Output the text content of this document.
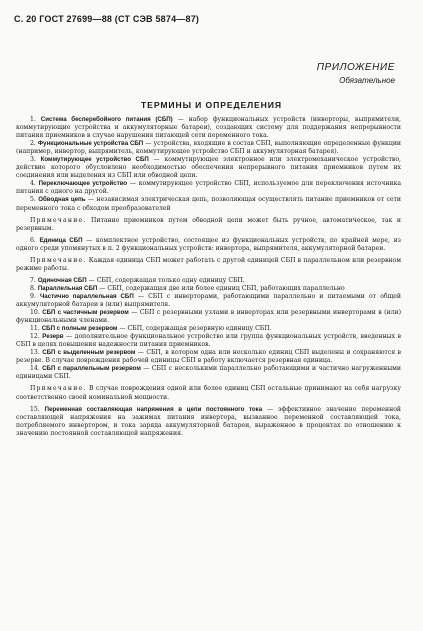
С. 20 ГОСТ 27699—88 (СТ СЭВ 5874—87)
ПРИЛОЖЕНИЕ
Обязательное
ТЕРМИНЫ И ОПРЕДЕЛЕНИЯ

1. Система бесперебойного питания (СБП) — набор функциональных устройств (инверторы, выпрямители, коммутирующие устройства и аккумуляторные батареи), создающих систему для поддержания непрерывности питания приемников в случае нарушения питающей сети переменного тока.

2. Функциональные устройства СБП — устройства, входящие в состав СБП, выполняющие определенные функции (например, инвертор, выпрямитель, коммутирующее устройство СБП и аккумуляторная батарея).

3. Коммутирующее устройство СБП — коммутирующее электронное или электромеханическое устройство, действие которого обусловлено необходимостью обеспечения непрерывного питания приемников путем их соединения или выделения из СБП или обводной цепи.

4. Переключающее устройство — коммутирующее устройство СБП, используемое для переключения источника питания с одного на другой.

5. Обводная цепь — независимая электрическая цепь, позволяющая осуществлять питание приемников от сети переменного тока с обходом преобразователей

Примечание. Питание приемников путем обводной цепи может быть ручное, автоматическое, так и резервным.

6. Единица СБП — комплектное устройство, состоящее из функциональных устройств, по крайней мере, из одного среди упомянутых в п. 2 функциональных устройств: инвертора, выпрямителя, аккумуляторной батареи.

Примечание. Каждая единица СБП может работать с другой единицей СБП в параллельном или резервном режиме работы.

7. Одиночная СБП — СБП, содержащая только одну единицу СБП.

8. Параллельная СБП — СБП, содержащая две или более единиц СБП, работающих параллельно

9. Частично параллельная СБП — СБП с инверторами, работающими параллельно и питаемыми от общей аккумуляторной батареи в (или) выпрямителя.

10. СБП с частичным резервом — СБП с резервными узлами в инверторах или резервными инверторами в (или) функциональными членами.

11. СБП с полным резервом — СБП, содержащая резервную единицу СБП.

12. Резерв — дополнительное функциональное устройство или группа функциональных устройств, введенных в СБП в целях повышения надежности питания приемников.

13. СБП с выделенным резервом — СБП, в котором одна или несколько единиц СБП выделены и сохраняются в резерве. В случае повреждения рабочей единицы СБП в работу включается резервная единица.

14. СБП с параллельным резервом — СБП с несколькими параллельно работающими и частично нагруженными единицами СБП.

Примечание. В случае повреждения одной или более единиц СБП остальные принимают на себя нагрузку соответственно своей номинальной мощности.

15. Переменная составляющая напряжения в цепи постоянного тока — эффективное значение переменной составляющей напряжения на зажимах питания инвертора, вызванное переменной составляющей тока, потребляемого инвертором, и тока заряда аккумуляторной батареи, выраженное в процентах по отношению к значению постоянной составляющей напряжения.
